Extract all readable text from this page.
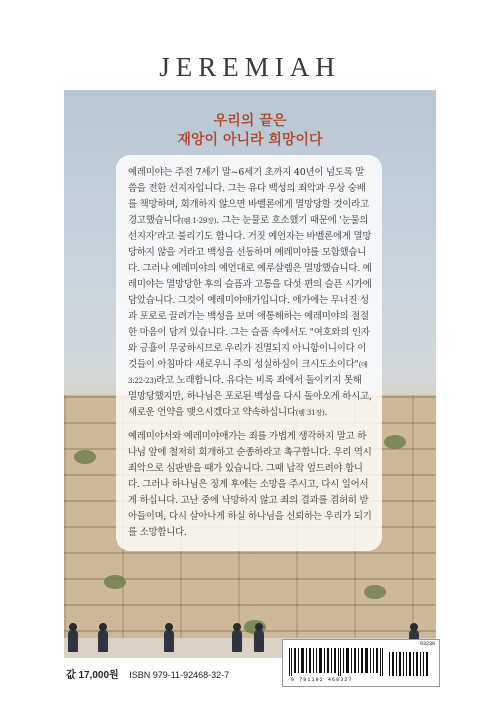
JEREMIAH
우리의 끝은
재앙이 아니라 희망이다

예레미야는 주전 7세기 말~6세기 초까지 40년이 넘도록 말씀을 전한 선지자입니다. 그는 유다 백성의 죄악과 우상 숭배를 책망하며, 회개하지 않으면 바벨론에게 멸망당할 것이라고 경고했습니다(렘 1-29장). 그는 눈물로 호소했기 때문에 '눈물의 선지자'라고 불리기도 합니다. 거짓 예언자는 바벨론에게 멸망당하지 않을 거라고 백성을 선동하며 예레미야를 모함했습니다. 그러나 예레미야의 예언대로 예루살렘은 멸망했습니다. 예레미야는 멸망당한 후의 슬픔과 고통을 다섯 편의 슬픈 시가에 담았습니다. 그것이 예레미야애가입니다. 애가에는 무너진 성과 포로로 끌려가는 백성을 보며 애통해하는 예레미야의 절절한 마음이 담겨 있습니다. 그는 슬픔 속에서도 "여호와의 인자와 긍휼이 무궁하시므로 우리가 진멸되지 아니함이니이다 이것들이 아침마다 새로우니 주의 성실하심이 크시도소이다"(애 3:22-23)라고 노래합니다. 유다는 비록 죄에서 돌이키지 못해 멸망당했지만, 하나님은 포로된 백성을 다시 돌아오게 하시고, 새로운 언약을 맺으시겠다고 약속하십니다(렘 31장).

예레미야서와 예레미야애가는 죄를 가볍게 생각하지 말고 하나님 앞에 철저히 회개하고 순종하라고 촉구합니다. 우리 역시 죄악으로 심판받을 때가 있습니다. 그때 납작 엎드려야 합니다. 그러나 하나님은 징계 후에는 소망을 주시고, 다시 일어서게 하십니다. 고난 중에 낙망하지 않고 죄의 결과를 겸허히 받아들이며, 다시 살아나게 하실 하나님을 신뢰하는 우리가 되기를 소망합니다.

값 17,000원 ISBN 979-11-92468-32-7
03230
9 791192 468327
